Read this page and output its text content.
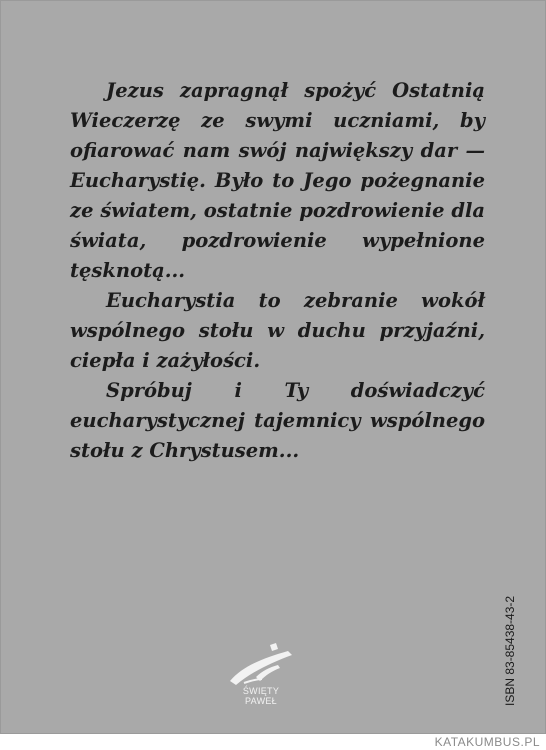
Jezus zapragnął spożyć Ostatnią Wieczerzę ze swymi uczniami, by ofiarować nam swój największy dar —Eucharystię. Było to Jego pożegnanie ze światem, ostatnie pozdrowienie dla świata, pozdrowienie wypełnione tęsknotą...

Eucharystia to zebranie wokół wspólnego stołu w duchu przyjaźni, ciepła i zażyłości.

Spróbuj i Ty doświadczyć eucharystycznej tajemnicy wspólnego stołu z Chrystusem...

ŚWIĘTY PAWEŁ	ISBN 83-85438-43-2
KATAKUMBUS.PL
